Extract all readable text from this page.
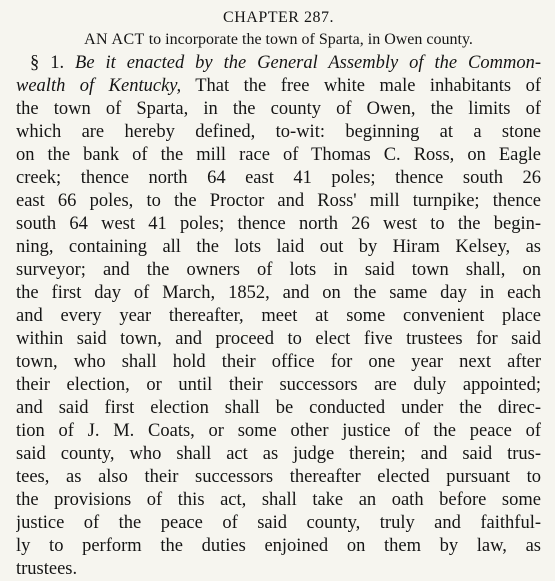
CHAPTER 287.
AN ACT to incorporate the town of Sparta, in Owen county.
§ 1. Be it enacted by the General Assembly of the Common-
wealth of Kentucky, That the free white male inhabitants of
the town of Sparta, in the county of Owen, the limits of
which are hereby defined, to-wit: beginning at a stone
on the bank of the mill race of Thomas C. Ross, on Eagle
creek; thence north 64 east 41 poles; thence south 26
east 66 poles, to the Proctor and Ross' mill turnpike; thence
south 64 west 41 poles; thence north 26 west to the begin-
ning, containing all the lots laid out by Hiram Kelsey, as
surveyor; and the owners of lots in said town shall, on
the first day of March, 1852, and on the same day in each
and every year thereafter, meet at some convenient place
within said town, and proceed to elect five trustees for said
town, who shall hold their office for one year next after
their election, or until their successors are duly appointed;
and said first election shall be conducted under the direc-
tion of J. M. Coats, or some other justice of the peace of
said county, who shall act as judge therein; and said trus-
tees, as also their successors thereafter elected pursuant to
the provisions of this act, shall take an oath before some
justice of the peace of said county, truly and faithful-
ly to perform the duties enjoined on them by law, as
trustees.
